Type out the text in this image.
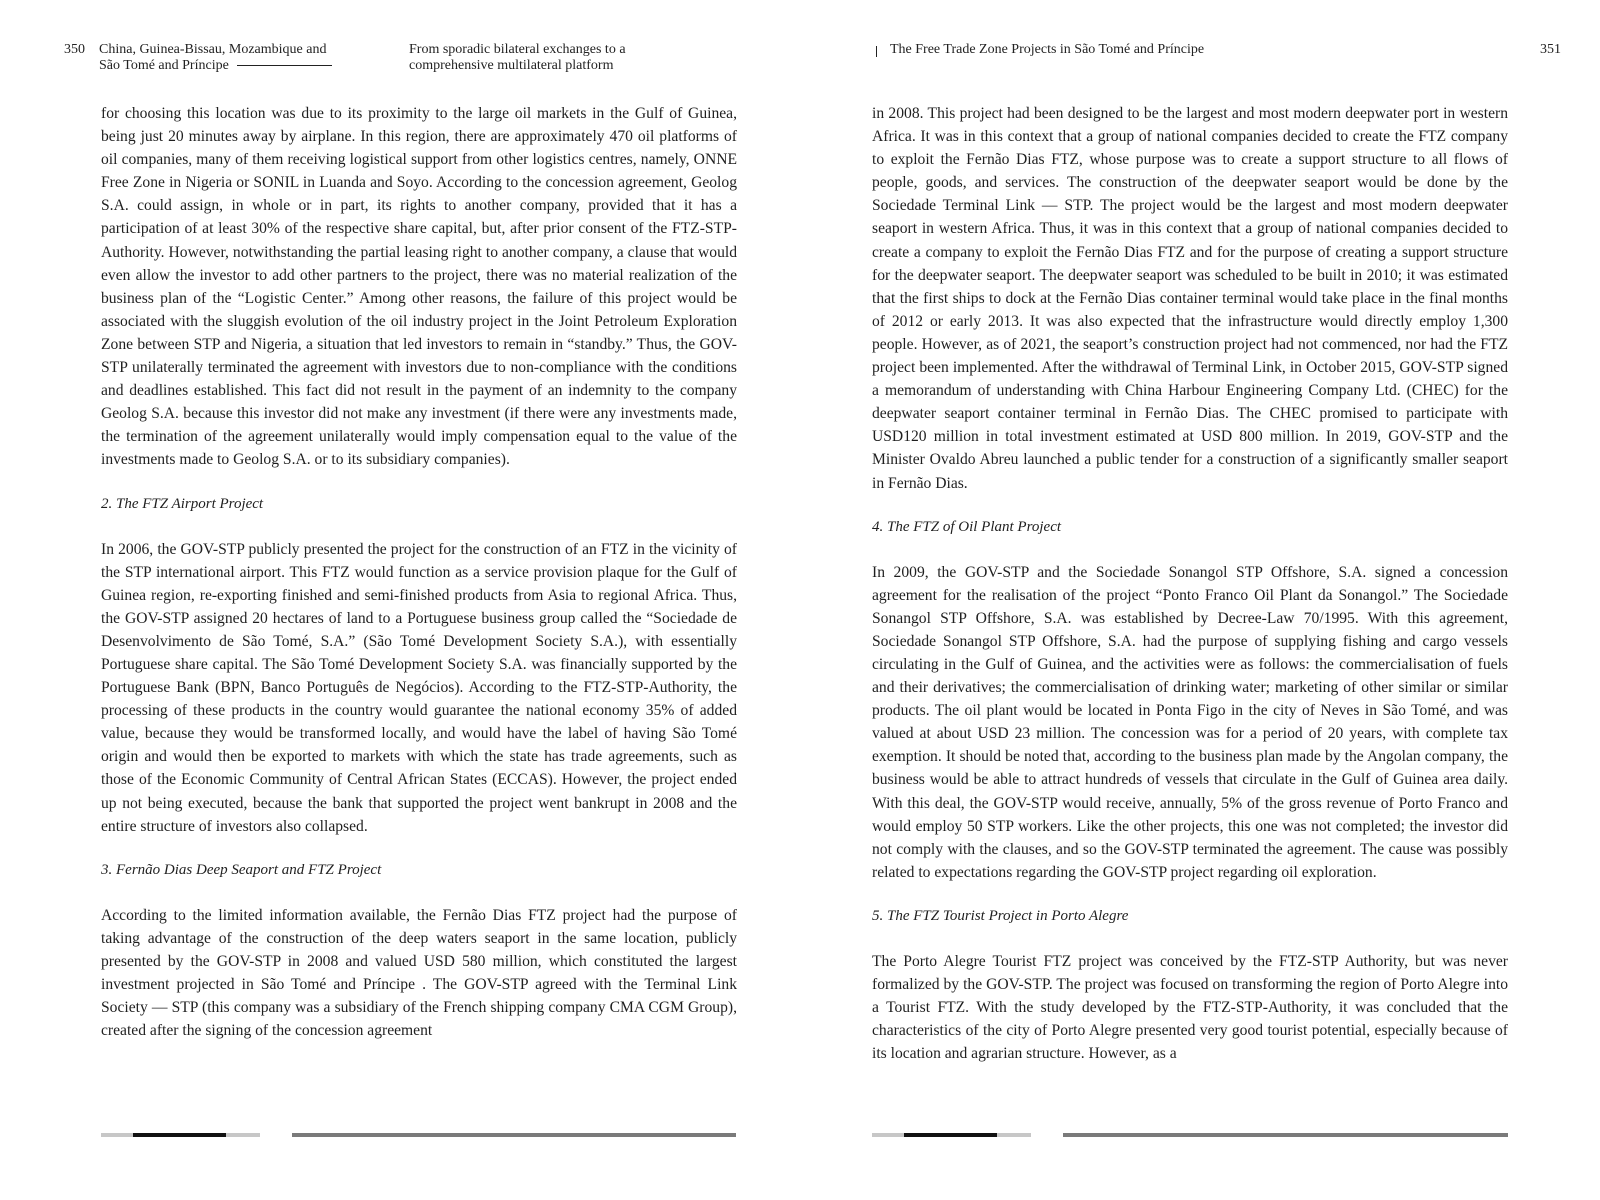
350 China, Guinea-Bissau, Mozambique and
São Tomé and Príncipe
From sporadic bilateral exchanges to a
comprehensive multilateral platform

for choosing this location was due to its proximity to the large oil markets in the Gulf of Guinea, being just 20 minutes away by airplane. In this region, there are approximately 470 oil platforms of oil companies, many of them receiving logistical support from other logistics centres, namely, ONNE Free Zone in Nigeria or SONIL in Luanda and Soyo. According to the concession agreement, Geolog S.A. could assign, in whole or in part, its rights to another company, provided that it has a participation of at least 30% of the respective share capital, but, after prior consent of the FTZ-STP-Authority. However, notwithstanding the partial leasing right to another company, a clause that would even allow the investor to add other partners to the project, there was no material realization of the business plan of the “Logistic Center.” Among other reasons, the failure of this project would be associated with the sluggish evolution of the oil industry project in the Joint Petroleum Exploration Zone between STP and Nigeria, a situation that led investors to remain in “standby.” Thus, the GOV-STP unilaterally terminated the agreement with investors due to non-compliance with the conditions and deadlines established. This fact did not result in the payment of an indemnity to the company Geolog S.A. because this investor did not make any investment (if there were any investments made, the termination of the agreement unilaterally would imply compensation equal to the value of the investments made to Geolog S.A. or to its subsidiary companies).

2. The FTZ Airport Project

In 2006, the GOV-STP publicly presented the project for the construction of an FTZ in the vicinity of the STP international airport. This FTZ would function as a service provision plaque for the Gulf of Guinea region, re-exporting finished and semi-finished products from Asia to regional Africa. Thus, the GOV-STP assigned 20 hectares of land to a Portuguese business group called the “Sociedade de Desenvolvimento de São Tomé, S.A.” (São Tomé Development Society S.A.), with essentially Portuguese share capital. The São Tomé Development Society S.A. was financially supported by the Portuguese Bank (BPN, Banco Português de Negócios). According to the FTZ-STP-Authority, the processing of these products in the country would guarantee the national economy 35% of added value, because they would be transformed locally, and would have the label of having São Tomé origin and would then be exported to markets with which the state has trade agreements, such as those of the Economic Community of Central African States (ECCAS). However, the project ended up not being executed, because the bank that supported the project went bankrupt in 2008 and the entire structure of investors also collapsed.

3. Fernão Dias Deep Seaport and FTZ Project

According to the limited information available, the Fernão Dias FTZ project had the purpose of taking advantage of the construction of the deep waters seaport in the same location, publicly presented by the GOV-STP in 2008 and valued USD 580 million, which constituted the largest investment projected in São Tomé and Príncipe . The GOV-STP agreed with the Terminal Link Society — STP (this company was a subsidiary of the French shipping company CMA CGM Group), created after the signing of the concession agreement

The Free Trade Zone Projects in São Tomé and Príncipe	351

in 2008. This project had been designed to be the largest and most modern deepwater port in western Africa. It was in this context that a group of national companies decided to create the FTZ company to exploit the Fernão Dias FTZ, whose purpose was to create a support structure to all flows of people, goods, and services. The construction of the deepwater seaport would be done by the Sociedade Terminal Link — STP. The project would be the largest and most modern deepwater seaport in western Africa. Thus, it was in this context that a group of national companies decided to create a company to exploit the Fernão Dias FTZ and for the purpose of creating a support structure for the deepwater seaport. The deepwater seaport was scheduled to be built in 2010; it was estimated that the first ships to dock at the Fernão Dias container terminal would take place in the final months of 2012 or early 2013. It was also expected that the infrastructure would directly employ 1,300 people. However, as of 2021, the seaport’s construction project had not commenced, nor had the FTZ project been implemented. After the withdrawal of Terminal Link, in October 2015, GOV-STP signed a memorandum of understanding with China Harbour Engineering Company Ltd. (CHEC) for the deepwater seaport container terminal in Fernão Dias. The CHEC promised to participate with USD120 million in total investment estimated at USD 800 million. In 2019, GOV-STP and the Minister Ovaldo Abreu launched a public tender for a construction of a significantly smaller seaport in Fernão Dias.

4. The FTZ of Oil Plant Project

In 2009, the GOV-STP and the Sociedade Sonangol STP Offshore, S.A. signed a concession agreement for the realisation of the project “Ponto Franco Oil Plant da Sonangol.” The Sociedade Sonangol STP Offshore, S.A. was established by Decree-Law 70/1995. With this agreement, Sociedade Sonangol STP Offshore, S.A. had the purpose of supplying fishing and cargo vessels circulating in the Gulf of Guinea, and the activities were as follows: the commercialisation of fuels and their derivatives; the commercialisation of drinking water; marketing of other similar or similar products. The oil plant would be located in Ponta Figo in the city of Neves in São Tomé, and was valued at about USD 23 million. The concession was for a period of 20 years, with complete tax exemption. It should be noted that, according to the business plan made by the Angolan company, the business would be able to attract hundreds of vessels that circulate in the Gulf of Guinea area daily. With this deal, the GOV-STP would receive, annually, 5% of the gross revenue of Porto Franco and would employ 50 STP workers. Like the other projects, this one was not completed; the investor did not comply with the clauses, and so the GOV-STP terminated the agreement. The cause was possibly related to expectations regarding the GOV-STP project regarding oil exploration.

5. The FTZ Tourist Project in Porto Alegre

The Porto Alegre Tourist FTZ project was conceived by the FTZ-STP Authority, but was never formalized by the GOV-STP. The project was focused on transforming the region of Porto Alegre into a Tourist FTZ. With the study developed by the FTZ-STP-Authority, it was concluded that the characteristics of the city of Porto Alegre presented very good tourist potential, especially because of its location and agrarian structure. However, as a
